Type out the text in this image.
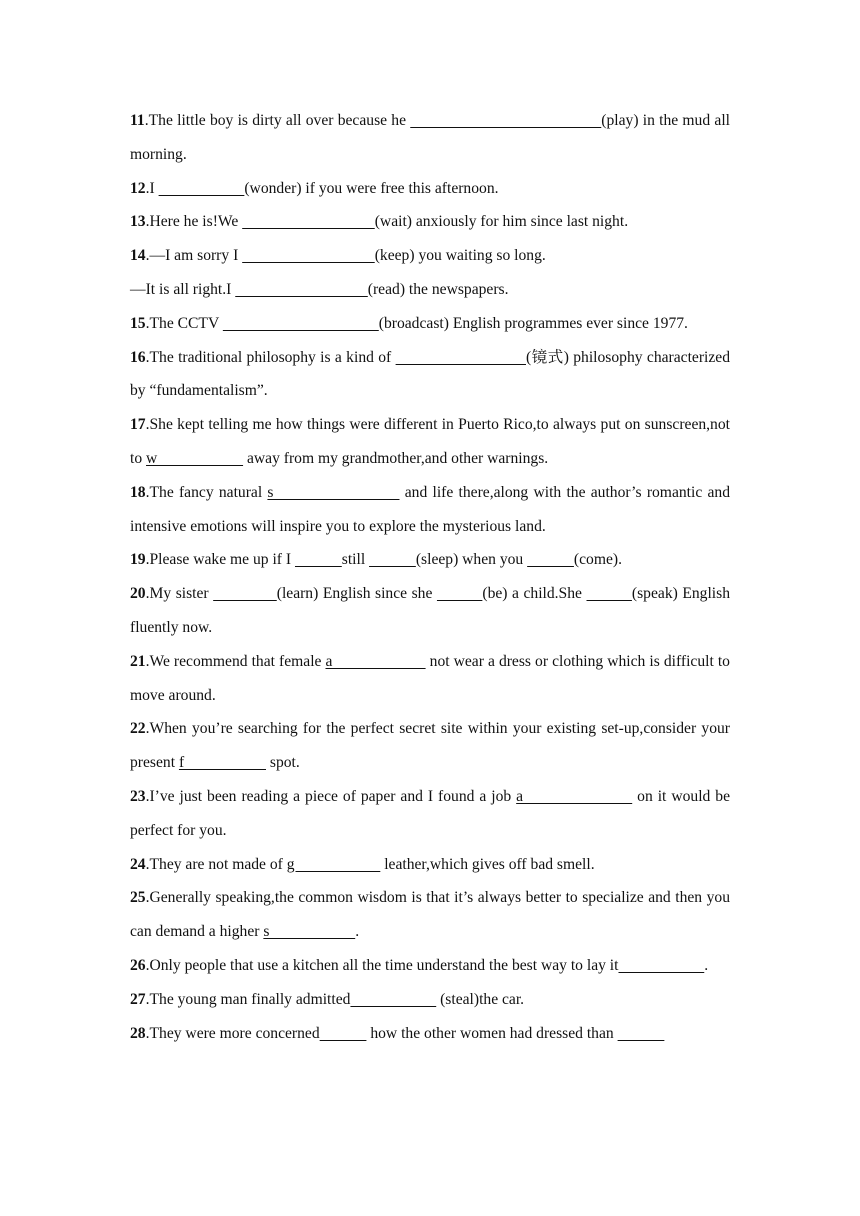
11.The little boy is dirty all over because he	(play) in the mud all morning.

12.I	(wonder) if you were free this afternoon.

13.Here he is!We	(wait) anxiously for him since last night.

14.—I am sorry I	(keep) you waiting so long.

—It is all right.I	(read) the newspapers.

15.The CCTV	(broadcast) English programmes ever since 1977.

16.The traditional philosophy is a kind of	(镜式) philosophy characterized by “fundamentalism”.

17.She kept telling me how things were different in Puerto Rico,to always put on sunscreen,not to w                       away from my grandmother,and other warnings.

18.The fancy natural s                         and life there,along with the author’s romantic and intensive emotions will inspire you to explore the mysterious land.

19.Please wake me up if I	still	(sleep) when you	(come).

20.My sister	(learn) English since she	(be) a child.She	(speak) English fluently now.

21.We recommend that female a                        not wear a dress or clothing which is difficult to move around.

22.When you’re searching for the perfect secret site within your existing set-up,consider your present f                      spot.

23.I’ve just been reading a piece of paper and I found a job a                       on it would be perfect for you.

24.They are not made of g                       leather,which gives off bad smell.

25.Generally speaking,the common wisdom is that it’s always better to specialize and then you can demand a higher s                      .

26.Only people that use a kitchen all the time understand the best way to lay it	.

27.The young man finally admitted	(steal)the car.

28.They were more concerned	how the other women had dressed than
